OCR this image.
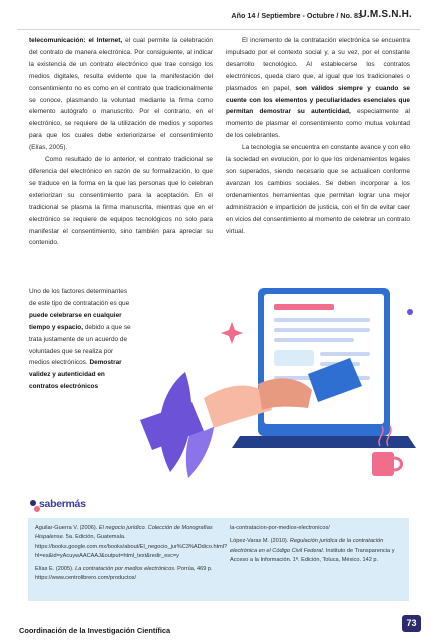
Año 14 / Septiembre - Octubre / No. 83
U.M.S.N.H.

telecomunicación: el Internet, el cual permite la celebración del contrato de manera electrónica. Por consiguiente, al indicar la existencia de un contrato electrónico que trae consigo los medios digitales, resulta evidente que la manifestación del consentimiento no es como en el contrato que tradicionalmente se conoce, plasmando la voluntad mediante la firma como elemento autógrafo o manuscrito. Por el contrario, en el electrónico, se requiere de la utilización de medios y soportes para que los cuales debe exteriorizarse el consentimiento (Elías, 2005).

Como resultado de lo anterior, el contrato tradicional se diferencia del electrónico en razón de su formalización, lo que se traduce en la forma en la que las personas que lo celebran exteriorizan su consentimiento para la aceptación. En el tradicional se plasma la firma manuscrita, mientras que en el electrónico se requiere de equipos tecnológicos no solo para manifestar el consentimiento, sino también para apreciar su contenido.

Uno de los factores determinantes de este tipo de contratación es que puede celebrarse en cualquier tiempo y espacio, debido a que se trata justamente de un acuerdo de voluntades que se realiza por medios electrónicos. Demostrar validez y autenticidad en contratos electrónicos

El incremento de la contratación electrónica se encuentra impulsado por el contexto social y, a su vez, por el constante desarrollo tecnológico. Al establecerse los contratos electrónicos, queda claro que, al igual que los tradicionales o plasmados en papel, son válidos siempre y cuando se cuente con los elementos y peculiaridades esenciales que permitan demostrar su autenticidad, especialmente al momento de plasmar el consentimiento como mutua voluntad de los celebrantes.

La tecnología se encuentra en constante avance y con ello la sociedad en evolución, por lo que los ordenamientos legales son superados, siendo necesario que se actualicen conforme avanzan los cambios sociales. Se deben incorporar a los ordenamientos herramientas que permitan lograr una mejor administración e impartición de justicia, con el fin de evitar caer en vicios del consentimiento al momento de celebrar un contrato virtual.

sabermás

Aguilar-Guerra V. (2006). El negocio jurídico. Colección de Monografías Hispalense. 5a. Edición, Guatemala. https://books.google.com.mx/books/about/El_negocio_jur%C3%ADdico.html?hl=es&id=yAcuywAACAAJ&output=html_text&redir_esc=y

Elías E. (2005). La contratación por medios electrónicos. Porrúa, 469 p. https://www.centrolibrero.com/productos/

la-contratacion-por-medios-electronicos/

López-Varas M. (2010). Regulación jurídica de la contratación electrónica en el Código Civil Federal. Instituto de Transparencia y Acceso a la Información. 1ª. Edición, Toluca, México. 142 p.

Coordinación de la Investigación Científica
73
